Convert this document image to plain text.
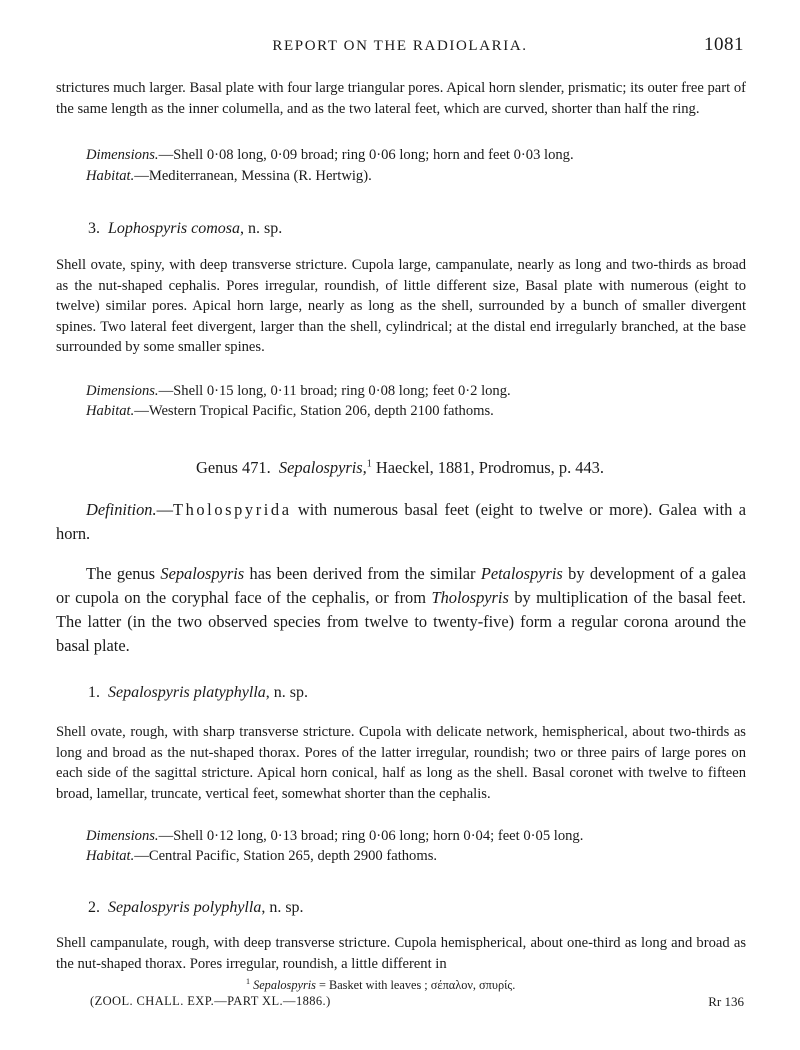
REPORT ON THE RADIOLARIA.	1081

strictures much larger. Basal plate with four large triangular pores. Apical horn slender, prismatic; its outer free part of the same length as the inner columella, and as the two lateral feet, which are curved, shorter than half the ring.

Dimensions.—Shell 0·08 long, 0·09 broad; ring 0·06 long; horn and feet 0·03 long.

Habitat.—Mediterranean, Messina (R. Hertwig).

3. Lophospyris comosa, n. sp.

Shell ovate, spiny, with deep transverse stricture. Cupola large, campanulate, nearly as long and two-thirds as broad as the nut-shaped cephalis. Pores irregular, roundish, of little different size, Basal plate with numerous (eight to twelve) similar pores. Apical horn large, nearly as long as the shell, surrounded by a bunch of smaller divergent spines. Two lateral feet divergent, larger than the shell, cylindrical; at the distal end irregularly branched, at the base surrounded by some smaller spines.

Dimensions.—Shell 0·15 long, 0·11 broad; ring 0·08 long; feet 0·2 long.

Habitat.—Western Tropical Pacific, Station 206, depth 2100 fathoms.

Genus 471. Sepalospyris,$^1$ Haeckel, 1881, Prodromus, p. 443.

Definition.—Tholospyrida with numerous basal feet (eight to twelve or more). Galea with a horn.

The genus Sepalospyris has been derived from the similar Petalospyris by development of a galea or cupola on the coryphal face of the cephalis, or from Tholospyris by multiplication of the basal feet. The latter (in the two observed species from twelve to twenty-five) form a regular corona around the basal plate.

1. Sepalospyris platyphylla, n. sp.

Shell ovate, rough, with sharp transverse stricture. Cupola with delicate network, hemispherical, about two-thirds as long and broad as the nut-shaped thorax. Pores of the latter irregular, roundish; two or three pairs of large pores on each side of the sagittal stricture. Apical horn conical, half as long as the shell. Basal coronet with twelve to fifteen broad, lamellar, truncate, vertical feet, somewhat shorter than the cephalis.

Dimensions.—Shell 0·12 long, 0·13 broad; ring 0·06 long; horn 0·04; feet 0·05 long.

Habitat.—Central Pacific, Station 265, depth 2900 fathoms.

2. Sepalospyris polyphylla, n. sp.

Shell campanulate, rough, with deep transverse stricture. Cupola hemispherical, about one-third as long and broad as the nut-shaped thorax. Pores irregular, roundish, a little different in

$^1$ Sepalospyris = Basket with leaves ; σέπαλον, σπυρίς.
(ZOOL. CHALL. EXP.—PART XL.—1886.)	Rr 136
